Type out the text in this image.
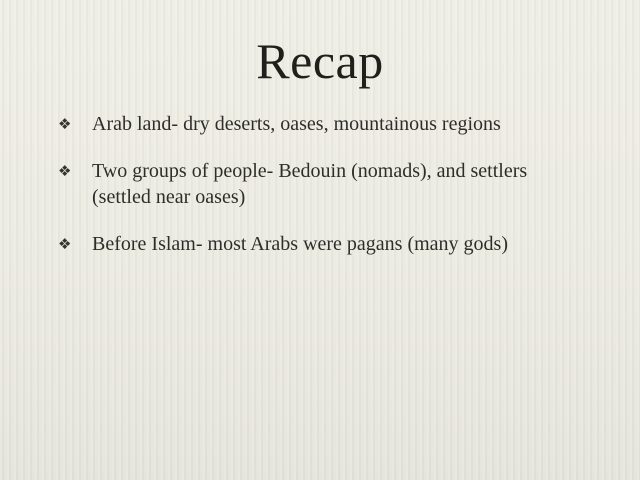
Recap
❖	Arab land- dry deserts, oases, mountainous regions
❖	Two groups of people- Bedouin (nomads), and settlers (settled near oases)
❖	Before Islam- most Arabs were pagans (many gods)
